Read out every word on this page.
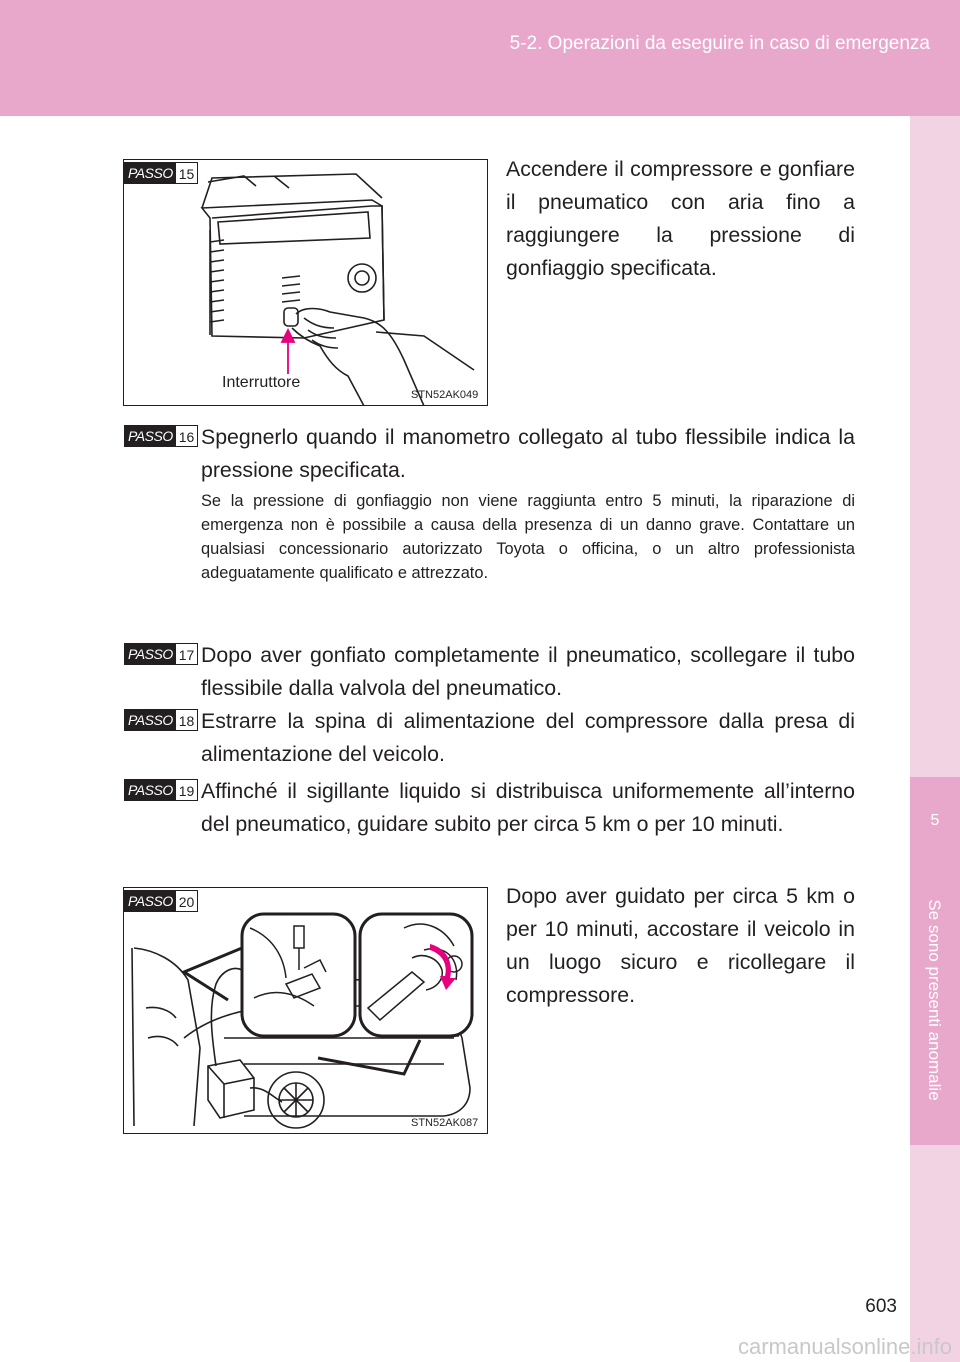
5-2. Operazioni da eseguire in caso di emergenza
5
Se sono presenti anomalie
PASSO 15
Interruttore
STN52AK049
Accendere il compressore e gonfiare il pneumatico con aria fino a raggiungere la pressione di gonfiaggio specificata.
PASSO 16 Spegnerlo quando il manometro collegato al tubo flessibile indica la pressione specificata.
Se la pressione di gonfiaggio non viene raggiunta entro 5 minuti, la riparazione di emergenza non è possibile a causa della presenza di un danno grave. Contattare un qualsiasi concessionario autorizzato Toyota o officina, o un altro professionista adeguatamente qualificato e attrezzato.
PASSO 17 Dopo aver gonfiato completamente il pneumatico, scollegare il tubo flessibile dalla valvola del pneumatico.
PASSO 18 Estrarre la spina di alimentazione del compressore dalla presa di alimentazione del veicolo.
PASSO 19 Affinché il sigillante liquido si distribuisca uniformemente all’interno del pneumatico, guidare subito per circa 5 km o per 10 minuti.
PASSO 20
STN52AK087
Dopo aver guidato per circa 5 km o per 10 minuti, accostare il veicolo in un luogo sicuro e ricollegare il compressore.
603
carmanualsonline.info
